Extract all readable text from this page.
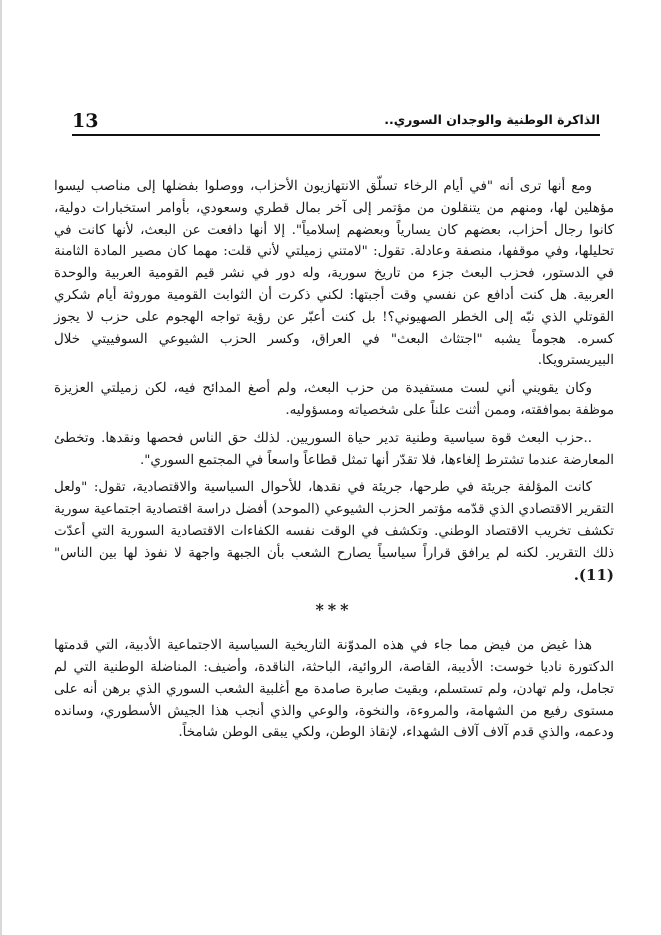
13	الذاكرة الوطنية والوجدان السوري..

ومع أنها ترى أنه "في أيام الرخاء تسلّق الانتهازيون الأحزاب، ووصلوا بفضلها إلى مناصب ليسوا مؤهلين لها، ومنهم من يتنقلون من مؤتمر إلى آخر بمال قطري وسعودي، بأوامر استخبارات دولية، كانوا رجال أحزاب، بعضهم كان يسارياً وبعضهم إسلامياً". إلا أنها دافعت عن البعث، لأنها كانت في تحليلها، وفي موقفها، منصفة وعادلة. تقول: "لامتني زميلتي لأني قلت: مهما كان مصير المادة الثامنة في الدستور، فحزب البعث جزء من تاريخ سورية، وله دور في نشر قيم القومية العربية والوحدة العربية. هل كنت أدافع عن نفسي وقت أجبتها: لكني ذكرت أن الثوابت القومية موروثة أيام شكري القوتلي الذي نبّه إلى الخطر الصهيوني؟! بل كنت أعبّر عن رؤية تواجه الهجوم على حزب لا يجوز كسره. هجوماً يشبه "اجتثاث البعث" في العراق، وكسر الحزب الشيوعي السوفييتي خلال البيريسترويكا.

وكان يقويني أني لست مستفيدة من حزب البعث، ولم أصغ المدائح فيه، لكن زميلتي العزيزة موظفة بموافقته، وممن أثنت علناً على شخصياته ومسؤوليه.

..حزب البعث قوة سياسية وطنية تدير حياة السوريين. لذلك حق الناس فحصها ونقدها. وتخطئ المعارضة عندما تشترط إلغاءها، فلا تقدّر أنها تمثل قطاعاً واسعاً في المجتمع السوري".

كانت المؤلفة جريئة في طرحها، جريئة في نقدها، للأحوال السياسية والاقتصادية، تقول: "ولعل التقرير الاقتصادي الذي قدّمه مؤتمر الحزب الشيوعي (الموحد) أفضل دراسة اقتصادية اجتماعية سورية تكشف تخريب الاقتصاد الوطني. وتكشف في الوقت نفسه الكفاءات الاقتصادية السورية التي أعدّت ذلك التقرير. لكنه لم يرافق قراراً سياسياً يصارح الشعب بأن الجبهة واجهة لا نفوذ لها بين الناس"(11).

***

هذا غيض من فيض مما جاء في هذه المدوّنة التاريخية السياسية الاجتماعية الأدبية، التي قدمتها الدكتورة ناديا خوست: الأديبة، القاصة، الروائية، الباحثة، الناقدة، وأضيف: المناضلة الوطنية التي لم تجامل، ولم تهادن، ولم تستسلم، وبقيت صابرة صامدة مع أغلبية الشعب السوري الذي برهن أنه على مستوى رفيع من الشهامة، والمروءة، والنخوة، والوعي والذي أنجب هذا الجيش الأسطوري، وسانده ودعمه، والذي قدم آلاف آلاف الشهداء، لإنقاذ الوطن، ولكي يبقى الوطن شامخاً.
